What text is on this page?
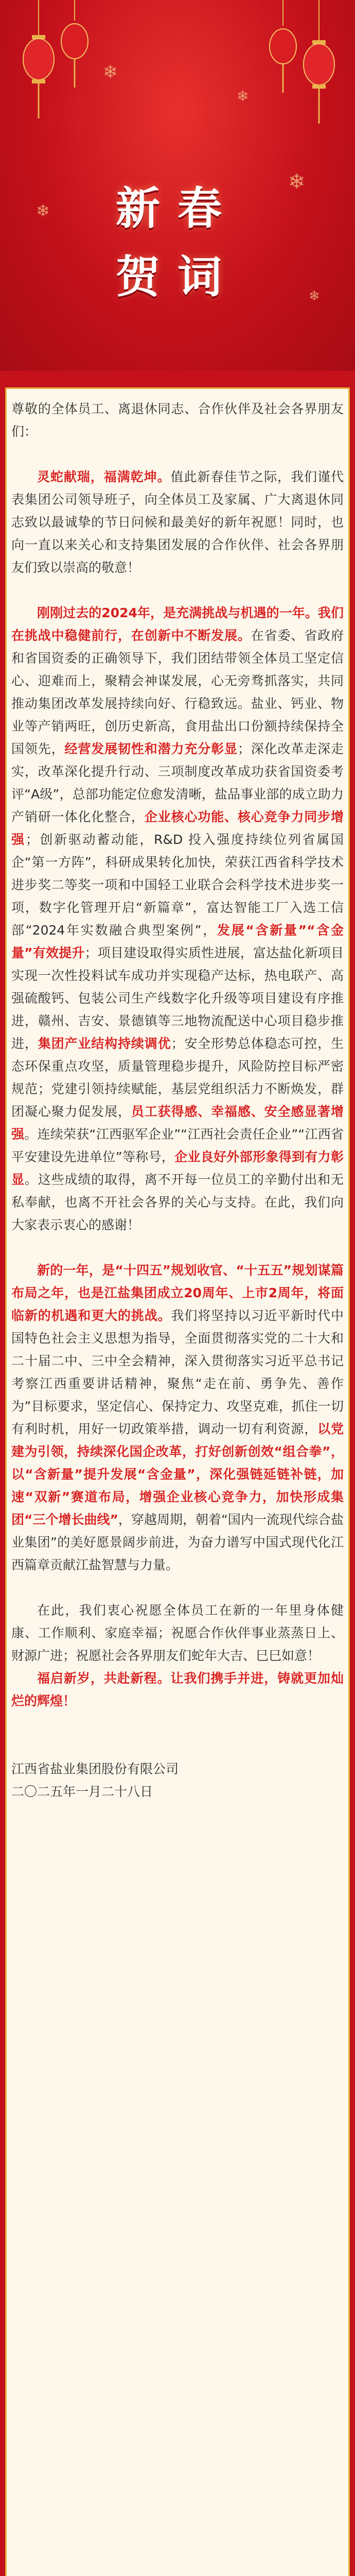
❄
❄
❄
❄
❄
新春
贺词

尊敬的全体员工、离退休同志、合作伙伴及社会各界朋友们：

灵蛇献瑞，福满乾坤。值此新春佳节之际，我们谨代表集团公司领导班子，向全体员工及家属、广大离退休同志致以最诚挚的节日问候和最美好的新年祝愿！同时，也向一直以来关心和支持集团发展的合作伙伴、社会各界朋友们致以崇高的敬意！

刚刚过去的2024年，是充满挑战与机遇的一年。我们在挑战中稳健前行，在创新中不断发展。在省委、省政府和省国资委的正确领导下，我们团结带领全体员工坚定信心、迎难而上，聚精会神谋发展，心无旁骛抓落实，共同推动集团改革发展持续向好、行稳致远。盐业、钙业、物业等产销两旺，创历史新高，食用盐出口份额持续保持全国领先，经营发展韧性和潜力充分彰显；深化改革走深走实，改革深化提升行动、三项制度改革成功获省国资委考评“A级”，总部功能定位愈发清晰，盐品事业部的成立助力产销研一体化化整合，企业核心功能、核心竞争力同步增强；创新驱动蓄动能，R&D 投入强度持续位列省属国企“第一方阵”，科研成果转化加快，荣获江西省科学技术进步奖二等奖一项和中国轻工业联合会科学技术进步奖一项，数字化管理开启“新篇章”，富达智能工厂入选工信部“2024年实数融合典型案例”，发展“含新量”“含金量”有效提升；项目建设取得实质性进展，富达盐化新项目实现一次性投料试车成功并实现稳产达标，热电联产、高强硫酸钙、包装公司生产线数字化升级等项目建设有序推进，赣州、吉安、景德镇等三地物流配送中心项目稳步推进，集团产业结构持续调优；安全形势总体稳态可控，生态环保重点攻坚，质量管理稳步提升，风险防控目标严密规范；党建引领持续赋能，基层党组织活力不断焕发，群团凝心聚力促发展，员工获得感、幸福感、安全感显著增强。连续荣获“江西驱军企业”“江西社会责任企业”“江西省平安建设先进单位”等称号，企业良好外部形象得到有力彰显。这些成绩的取得，离不开每一位员工的辛勤付出和无私奉献，也离不开社会各界的关心与支持。在此，我们向大家表示衷心的感谢！

新的一年，是“十四五”规划收官、“十五五”规划谋篇布局之年，也是江盐集团成立20周年、上市2周年，将面临新的机遇和更大的挑战。我们将坚持以习近平新时代中国特色社会主义思想为指导，全面贯彻落实党的二十大和二十届二中、三中全会精神，深入贯彻落实习近平总书记考察江西重要讲话精神，聚焦“走在前、勇争先、善作为”目标要求，坚定信心、保持定力、攻坚克难，抓住一切有利时机，用好一切政策举措，调动一切有利资源，以党建为引领，持续深化国企改革，打好创新创效“组合拳”，以“含新量”提升发展“含金量”，深化强链延链补链，加速“双新”赛道布局，增强企业核心竞争力，加快形成集团“三个增长曲线”，穿越周期，朝着“国内一流现代综合盐业集团”的美好愿景阔步前进，为奋力谱写中国式现代化江西篇章贡献江盐智慧与力量。

在此，我们衷心祝愿全体员工在新的一年里身体健康、工作顺利、家庭幸福；祝愿合作伙伴事业蒸蒸日上、财源广进；祝愿社会各界朋友们蛇年大吉、巳巳如意！

福启新岁，共赴新程。让我们携手并进，铸就更加灿烂的辉煌！

江西省盐业集团股份有限公司

二〇二五年一月二十八日
